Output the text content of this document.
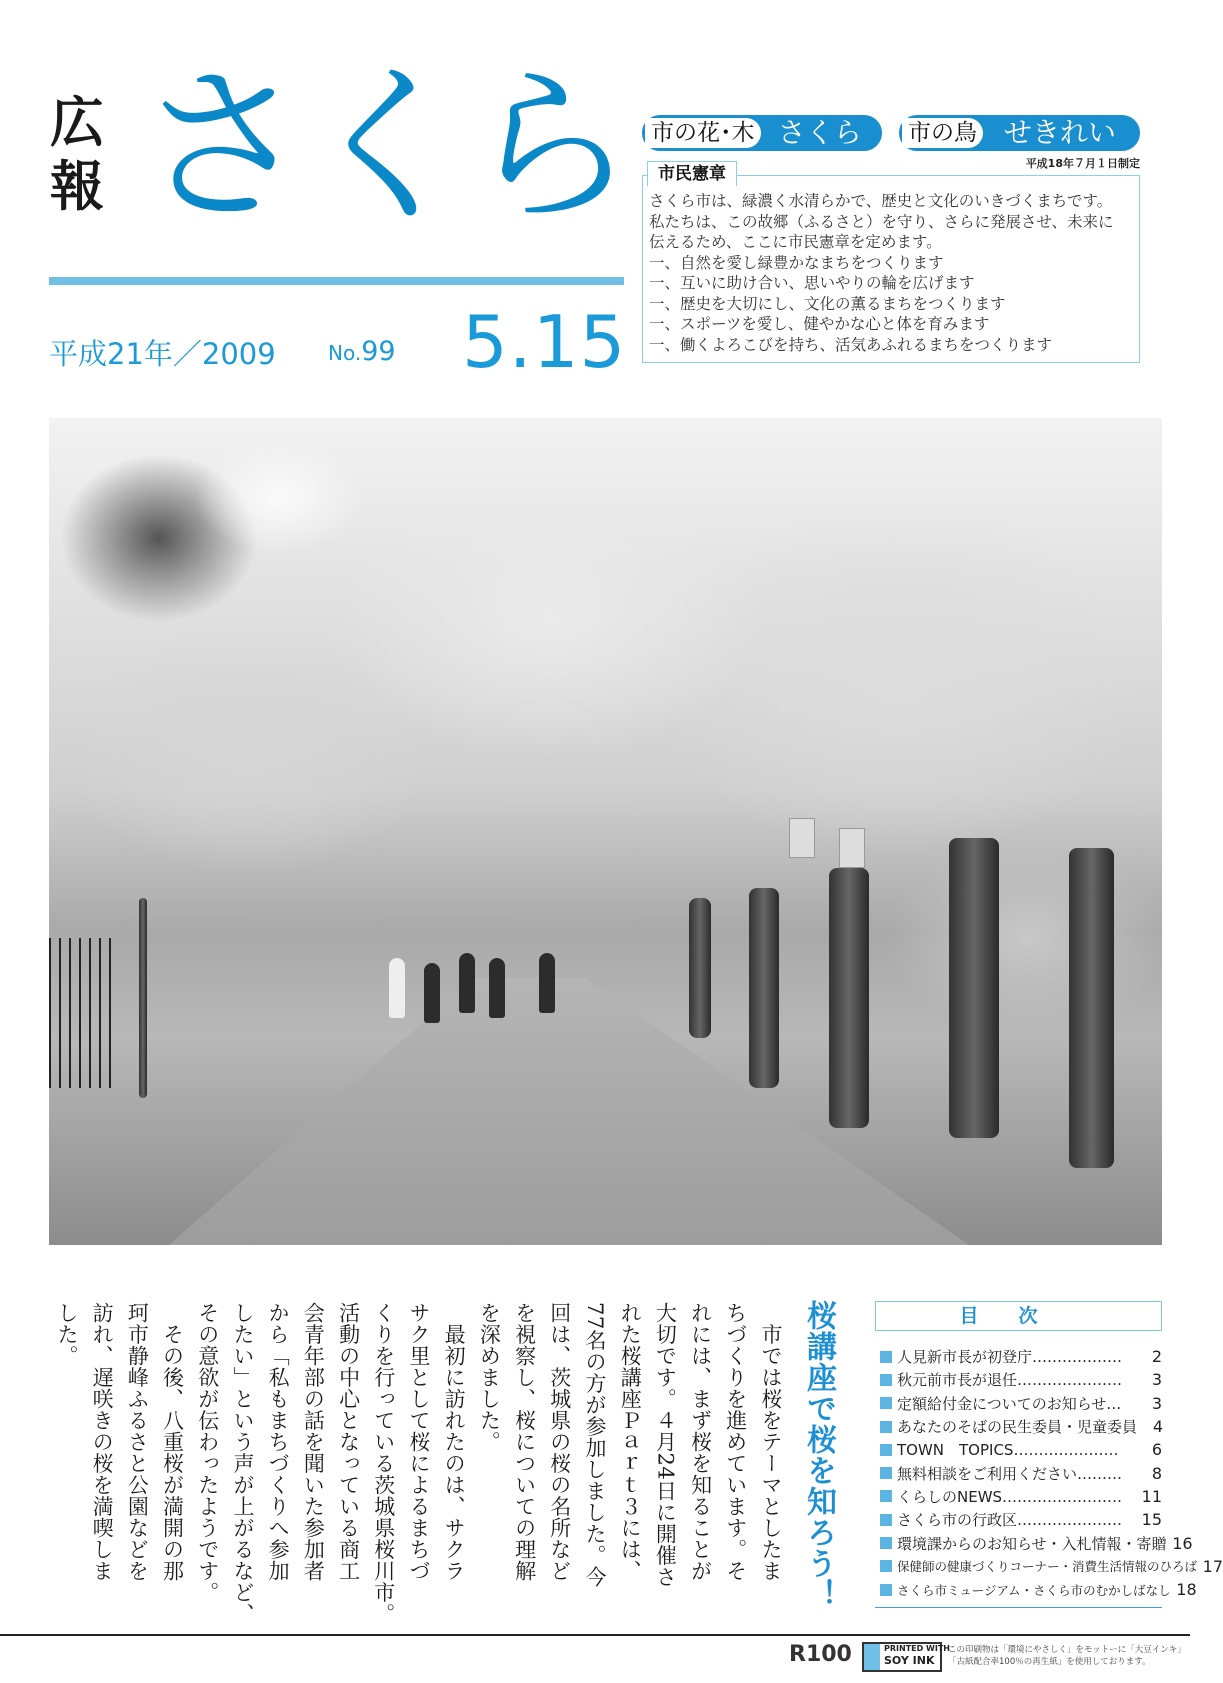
広
報 さくら
平成21年／2009	No.99 5.15
市の花･木 さくら	市の鳥 せきれい
平成18年７月１日制定
さくら市は、緑濃く水清らかで、歴史と文化のいきづくまちです。
私たちは、この故郷（ふるさと）を守り、さらに発展させ、未来に
伝えるため、ここに市民憲章を定めます。
一、自然を愛し緑豊かなまちをつくります
一、互いに助け合い、思いやりの輪を広げます
一、歴史を大切にし、文化の薫るまちをつくります
一、スポーツを愛し、健やかな心と体を育みます
一、働くよろこびを持ち、活気あふれるまちをつくります
市民憲章
桜講座で桜を知ろう！
　市では桜をテーマとしたま
ちづくりを進めています。そ
れには、まず桜を知ることが
大切です。４月24日に開催さ
れた桜講座Ｐａｒｔ３には、
77名の方が参加しました。今
回は、茨城県の桜の名所など
を視察し、桜についての理解
を深めました。
　最初に訪れたのは、サクラ
サク里として桜によるまちづ
くりを行っている茨城県桜川市。
活動の中心となっている商工
会青年部の話を聞いた参加者
から「私もまちづくりへ参加
したい」という声が上がるなど、
その意欲が伝わったようです。
　その後、八重桜が満開の那
珂市静峰ふるさと公園などを
訪れ、遅咲きの桜を満喫しま
した。	目次
人見新市長が初登庁………………	2
秋元前市長が退任…………………	3
定額給付金についてのお知らせ…	3
あなたのそばの民生委員・児童委員 4
TOWN　TOPICS…………………	6
無料相談をご利用ください………	8
くらしのNEWS……………………	11
さくら市の行政区…………………	15
環境課からのお知らせ・入札情報・寄贈 16
保健師の健康づくりコーナー・消費生活情報のひろば 17
さくら市ミュージアム・さくら市のむかしばなし 18
R100	PRINTED WITH
SOY INK
この印刷物は「環境にやさしく」をモットーに「大豆インキ」
「古紙配合率100％の再生紙」を使用しております。
